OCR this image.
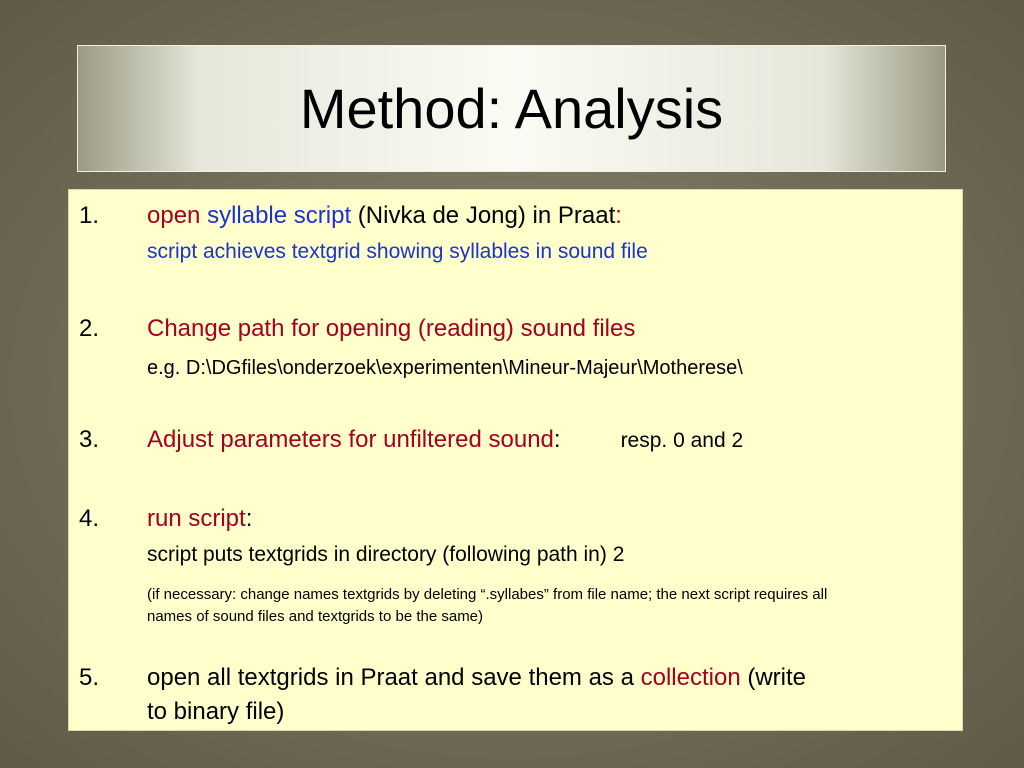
Method: Analysis
1. open syllable script (Nivka de Jong) in Praat:
script achieves textgrid showing syllables in sound file
2. Change path for opening (reading) sound files
e.g. D:\DGfiles\onderzoek\experimenten\Mineur-Majeur\Motherese\
3. Adjust parameters for unfiltered sound:	resp. 0 and 2
4. run script:
script puts textgrids in directory (following path in) 2
(if necessary: change names textgrids by deleting “.syllabes” from file name; the next script requires all
names of sound files and textgrids to be the same)
5. open all textgrids in Praat and save them as a collection (write
to binary file)
